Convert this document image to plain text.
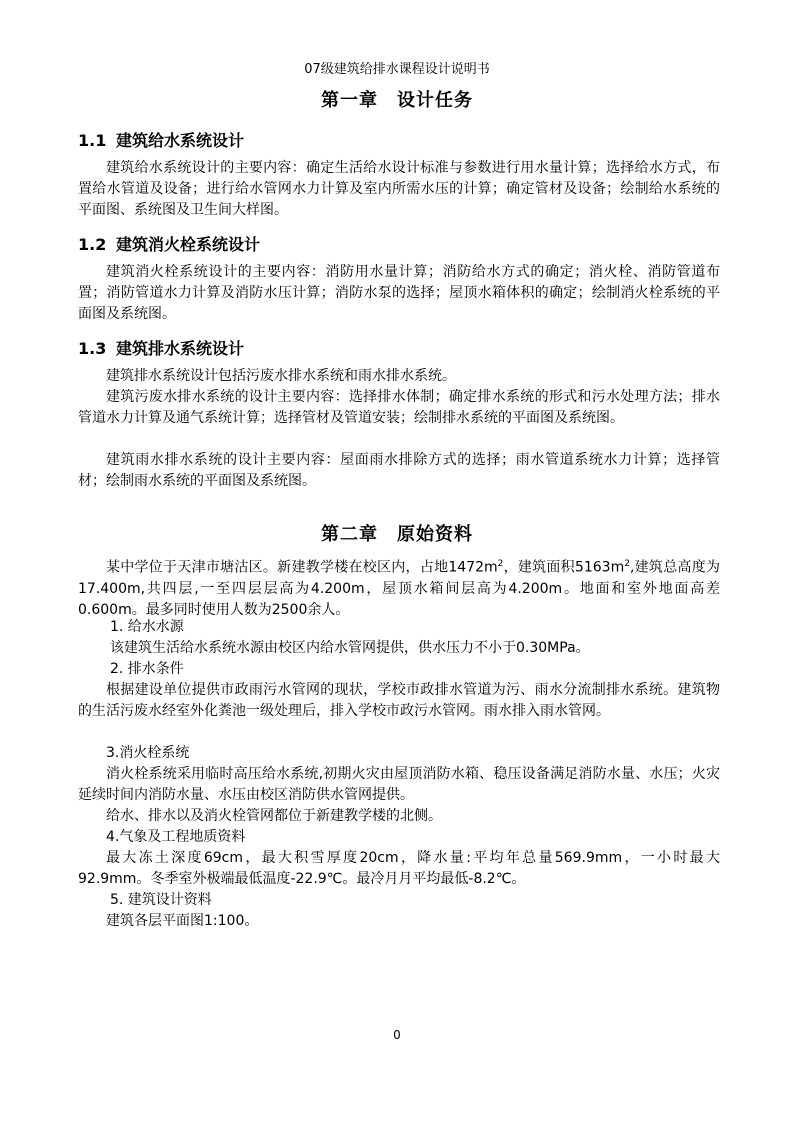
07级建筑给排水课程设计说明书
第一章　设计任务
1.1 建筑给水系统设计
建筑给水系统设计的主要内容：确定生活给水设计标准与参数进行用水量计算；选择给水方式，布置给水管道及设备；进行给水管网水力计算及室内所需水压的计算；确定管材及设备；绘制给水系统的平面图、系统图及卫生间大样图。
1.2 建筑消火栓系统设计
建筑消火栓系统设计的主要内容：消防用水量计算；消防给水方式的确定；消火栓、消防管道布置；消防管道水力计算及消防水压计算；消防水泵的选择；屋顶水箱体积的确定；绘制消火栓系统的平面图及系统图。
1.3 建筑排水系统设计
建筑排水系统设计包括污废水排水系统和雨水排水系统。
建筑污废水排水系统的设计主要内容：选择排水体制；确定排水系统的形式和污水处理方法；排水管道水力计算及通气系统计算；选择管材及管道安装；绘制排水系统的平面图及系统图。
建筑雨水排水系统的设计主要内容：屋面雨水排除方式的选择；雨水管道系统水力计算；选择管材；绘制雨水系统的平面图及系统图。
第二章　原始资料
某中学位于天津市塘沽区。新建教学楼在校区内，占地$1472m^2$，建筑面积$5163m^2$,建筑总高度为17.400m,共四层,一至四层层高为4.200m，屋顶水箱间层高为4.200m。地面和室外地面高差0.600m。最多同时使用人数为2500余人。
1. 给水水源
该建筑生活给水系统水源由校区内给水管网提供，供水压力不小于0.30MPa。
2. 排水条件
根据建设单位提供市政雨污水管网的现状，学校市政排水管道为污、雨水分流制排水系统。建筑物的生活污废水经室外化粪池一级处理后，排入学校市政污水管网。雨水排入雨水管网。
3.消火栓系统
消火栓系统采用临时高压给水系统,初期火灾由屋顶消防水箱、稳压设备满足消防水量、水压；火灾延续时间内消防水量、水压由校区消防供水管网提供。
给水、排水以及消火栓管网都位于新建教学楼的北侧。
4.气象及工程地质资料
最大冻土深度69cm，最大积雪厚度20cm，降水量:平均年总量569.9mm，一小时最大92.9mm。冬季室外极端最低温度-22.9℃。最冷月月平均最低-8.2℃。
5. 建筑设计资料
建筑各层平面图1:100。
0
